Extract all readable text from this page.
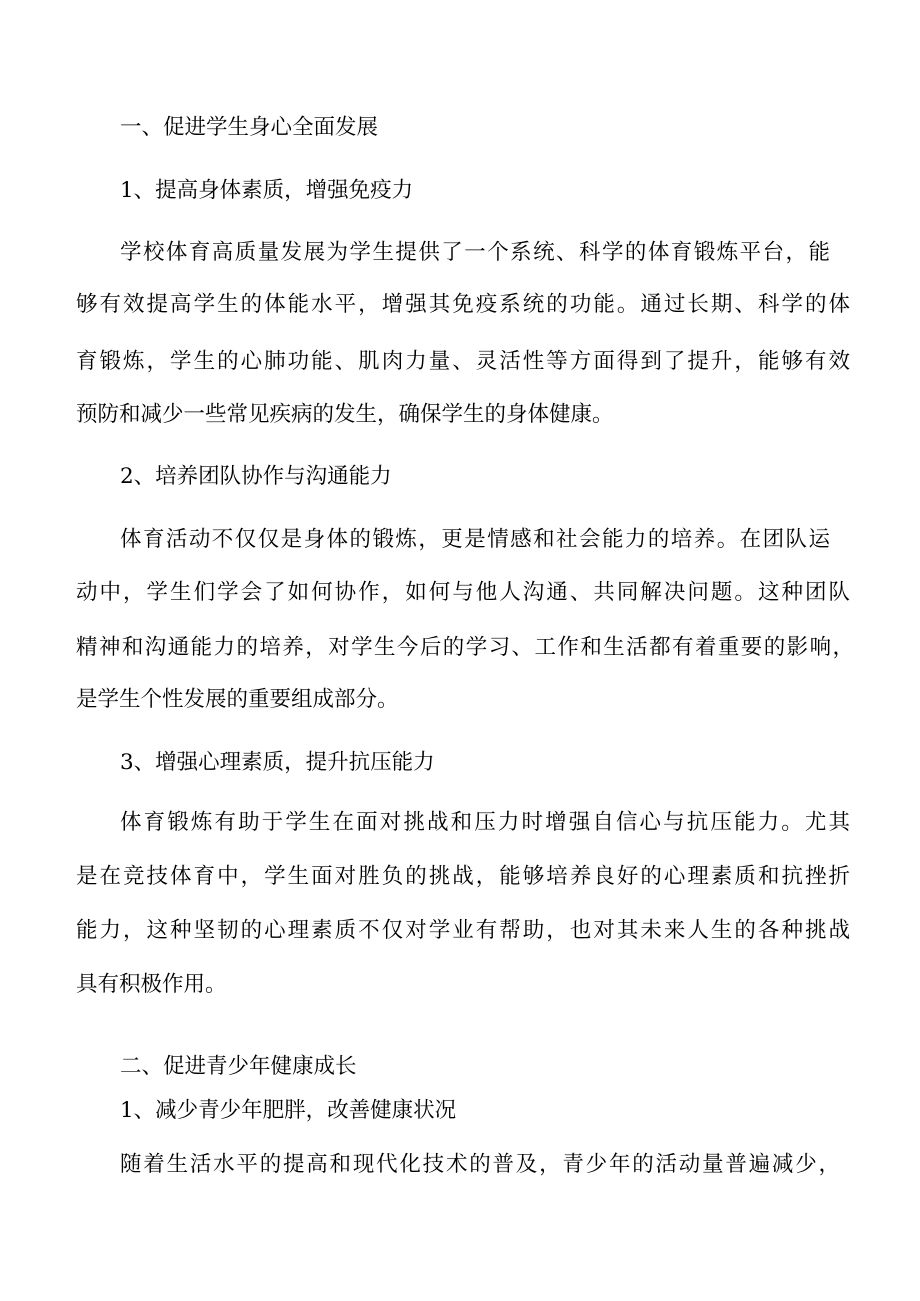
一、促进学生身心全面发展

1、提高身体素质，增强免疫力

学校体育高质量发展为学生提供了一个系统、科学的体育锻炼平台，能

够有效提高学生的体能水平，增强其免疫系统的功能。通过长期、科学的体

育锻炼，学生的心肺功能、肌肉力量、灵活性等方面得到了提升，能够有效

预防和减少一些常见疾病的发生，确保学生的身体健康。

2、培养团队协作与沟通能力

体育活动不仅仅是身体的锻炼，更是情感和社会能力的培养。在团队运

动中，学生们学会了如何协作，如何与他人沟通、共同解决问题。这种团队

精神和沟通能力的培养，对学生今后的学习、工作和生活都有着重要的影响，

是学生个性发展的重要组成部分。

3、增强心理素质，提升抗压能力

体育锻炼有助于学生在面对挑战和压力时增强自信心与抗压能力。尤其

是在竞技体育中，学生面对胜负的挑战，能够培养良好的心理素质和抗挫折

能力，这种坚韧的心理素质不仅对学业有帮助，也对其未来人生的各种挑战

具有积极作用。

二、促进青少年健康成长

1、减少青少年肥胖，改善健康状况

随着生活水平的提高和现代化技术的普及，青少年的活动量普遍减少，
